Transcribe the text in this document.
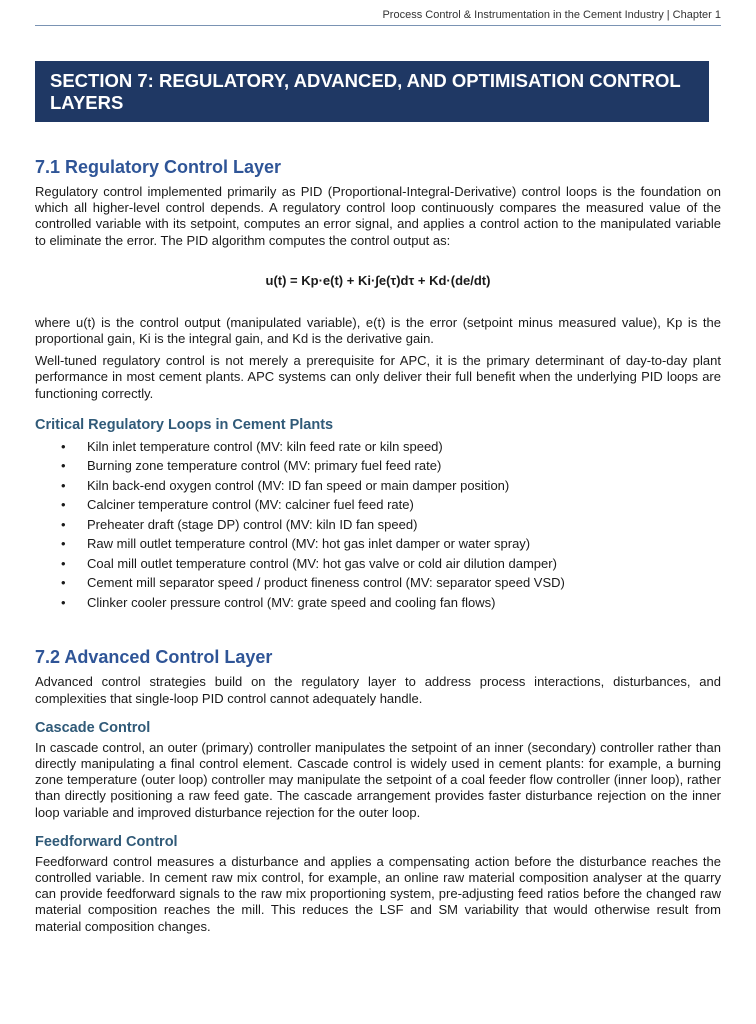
Process Control & Instrumentation in the Cement Industry | Chapter 1
SECTION 7: REGULATORY, ADVANCED, AND OPTIMISATION CONTROL LAYERS
7.1 Regulatory Control Layer

Regulatory control implemented primarily as PID (Proportional-Integral-Derivative) control loops is the foundation on which all higher-level control depends. A regulatory control loop continuously compares the measured value of the controlled variable with its setpoint, computes an error signal, and applies a control action to the manipulated variable to eliminate the error. The PID algorithm computes the control output as:

u(t) = Kp·e(t) + Ki·∫e(τ)dτ + Kd·(de/dt)

where u(t) is the control output (manipulated variable), e(t) is the error (setpoint minus measured value), Kp is the proportional gain, Ki is the integral gain, and Kd is the derivative gain.

Well-tuned regulatory control is not merely a prerequisite for APC, it is the primary determinant of day-to-day plant performance in most cement plants. APC systems can only deliver their full benefit when the underlying PID loops are functioning correctly.

Critical Regulatory Loops in Cement Plants
• Kiln inlet temperature control (MV: kiln feed rate or kiln speed)
• Burning zone temperature control (MV: primary fuel feed rate)
• Kiln back-end oxygen control (MV: ID fan speed or main damper position)
• Calciner temperature control (MV: calciner fuel feed rate)
• Preheater draft (stage DP) control (MV: kiln ID fan speed)
• Raw mill outlet temperature control (MV: hot gas inlet damper or water spray)
• Coal mill outlet temperature control (MV: hot gas valve or cold air dilution damper)
• Cement mill separator speed / product fineness control (MV: separator speed VSD)
• Clinker cooler pressure control (MV: grate speed and cooling fan flows)
7.2 Advanced Control Layer

Advanced control strategies build on the regulatory layer to address process interactions, disturbances, and complexities that single-loop PID control cannot adequately handle.

Cascade Control

In cascade control, an outer (primary) controller manipulates the setpoint of an inner (secondary) controller rather than directly manipulating a final control element. Cascade control is widely used in cement plants: for example, a burning zone temperature (outer loop) controller may manipulate the setpoint of a coal feeder flow controller (inner loop), rather than directly positioning a raw feed gate. The cascade arrangement provides faster disturbance rejection on the inner loop variable and improved disturbance rejection for the outer loop.

Feedforward Control

Feedforward control measures a disturbance and applies a compensating action before the disturbance reaches the controlled variable. In cement raw mix control, for example, an online raw material composition analyser at the quarry can provide feedforward signals to the raw mix proportioning system, pre-adjusting feed ratios before the changed raw material composition reaches the mill. This reduces the LSF and SM variability that would otherwise result from material composition changes.
